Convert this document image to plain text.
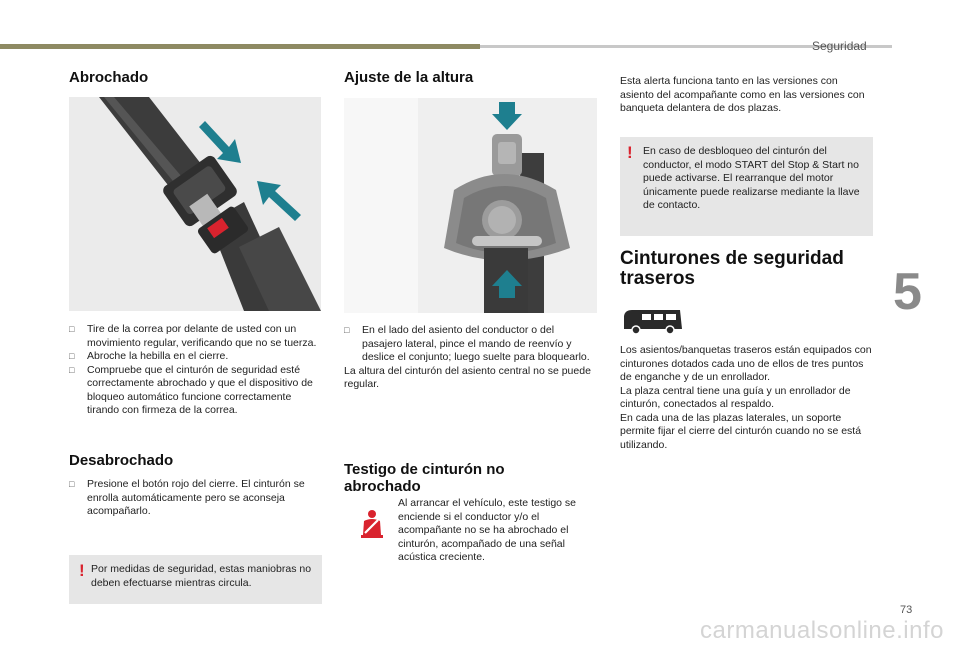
Seguridad
5
Abrochado
□ Tire de la correa por delante de usted con un movimiento regular, verificando que no se tuerza.
□ Abroche la hebilla en el cierre.
□ Compruebe que el cinturón de seguridad esté correctamente abrochado y que el dispositivo de bloqueo automático funcione correctamente tirando con firmeza de la correa.
Desabrochado
□ Presione el botón rojo del cierre. El cinturón se enrolla automáticamente pero se aconseja acompañarlo.
! Por medidas de seguridad, estas maniobras no deben efectuarse mientras circula.
Ajuste de la altura
□ En el lado del asiento del conductor o del pasajero lateral, pince el mando de reenvío y deslice el conjunto; luego suelte para bloquearlo.

La altura del cinturón del asiento central no se puede regular.

Testigo de cinturón no abrochado
Al arrancar el vehículo, este testigo se enciende si el conductor y/o el acompañante no se ha abrochado el cinturón, acompañado de una señal acústica creciente.
Esta alerta funciona tanto en las versiones con asiento del acompañante como en las versiones con banqueta delantera de dos plazas.
! En caso de desbloqueo del cinturón del conductor, el modo START del Stop & Start no puede activarse. El rearranque del motor únicamente puede realizarse mediante la llave de contacto.
Cinturones de seguridad traseros

Los asientos/banquetas traseros están equipados con cinturones dotados cada uno de ellos de tres puntos de enganche y de un enrollador.

La plaza central tiene una guía y un enrollador de cinturón, conectados al respaldo.

En cada una de las plazas laterales, un soporte permite fijar el cierre del cinturón cuando no se está utilizando.

73
carmanualsonline.info
